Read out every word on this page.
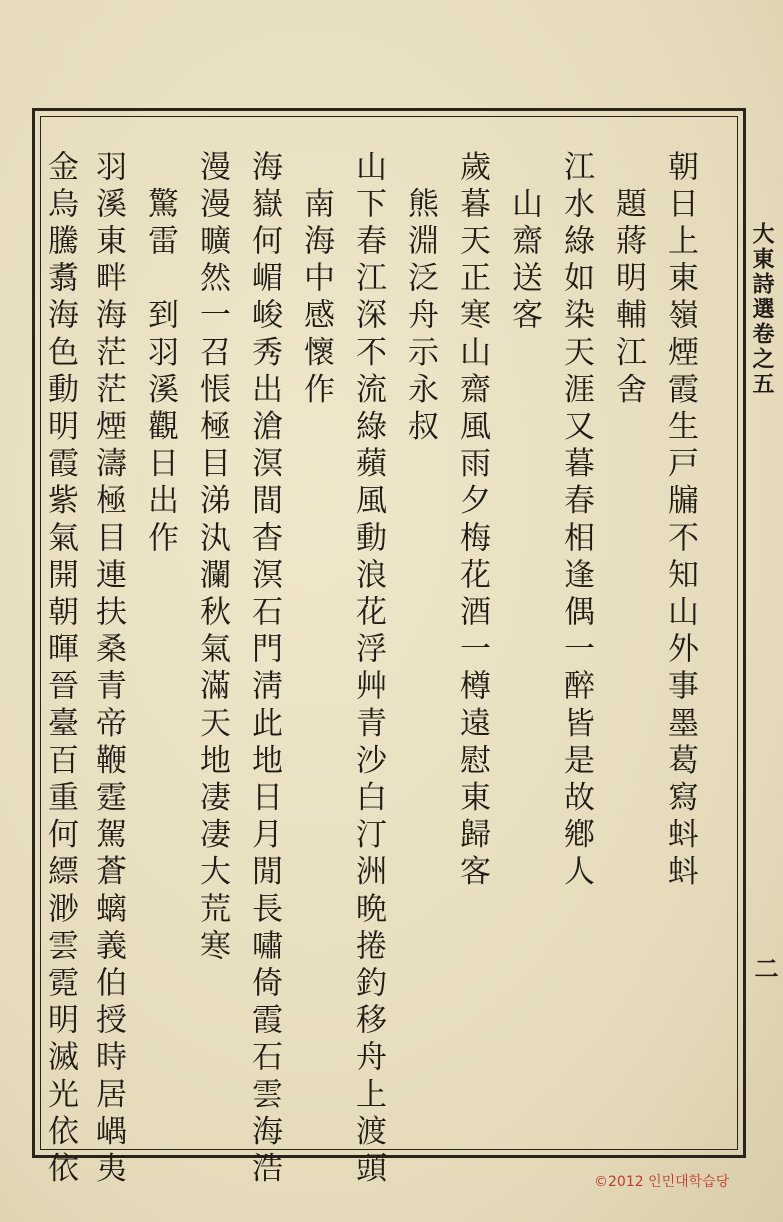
朝日上東嶺煙霞生戸牖不知山外事墨葛寫蚪蚪
　題蔣明輔江舍
江水綠如染天涯又暮春相逢偶一醉皆是故鄕人
　山齋送客
歲暮天正寒山齋風雨夕梅花酒一樽遠慰東歸客
　熊淵泛舟示永叔
山下春江深不流綠蘋風動浪花浮艸青沙白汀洲晩捲釣移舟上渡頭
　南海中感懷作
海嶽何嵋峻秀出滄溟間杳溟石門淸此地日月閒長嘯倚霞石雲海浩
漫漫曠然一召悵極目涕汍瀾秋氣滿天地凄凄大荒寒
　驚雷　到羽溪觀日出作
羽溪東畔海茫茫煙濤極目連扶桑青帝鞭霆駕蒼螭義伯授時居嵎夷
金烏騰翥海色動明霞紫氣開朝暉晉臺百重何縹渺雲霓明滅光依依	大東詩選卷之五
二
©2012 인민대학습당
